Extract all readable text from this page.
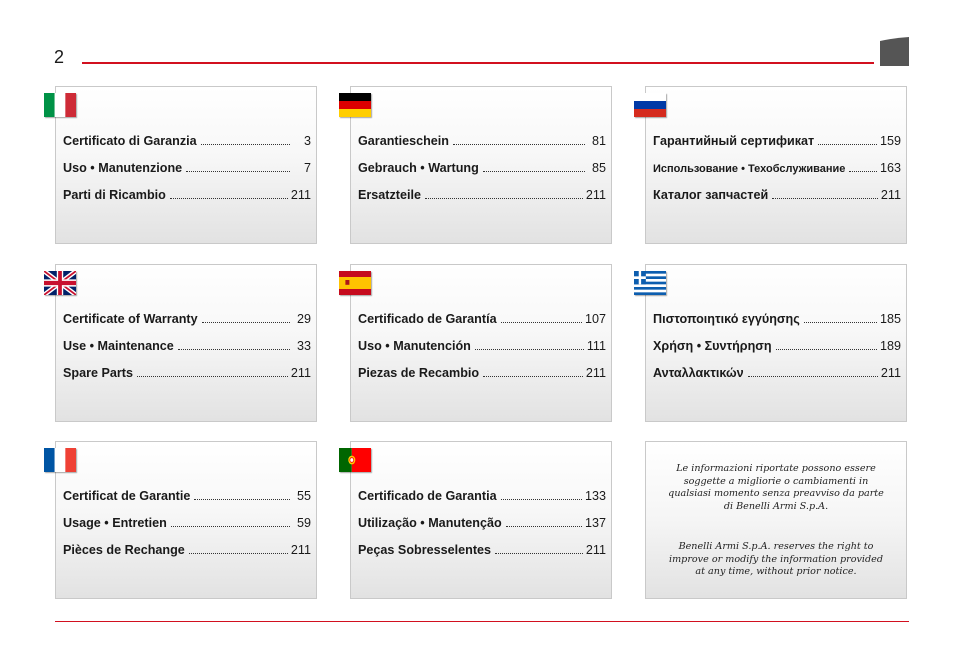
2
Certificato di Garanzia	3
Uso • Manutenzione	7
Parti di Ricambio	211
Garantieschein	81
Gebrauch • Wartung	85
Ersatzteile	211
Гарантийный сертификат	159
Использование • Техобслуживание	163
Каталог запчастей	211
Certificate of Warranty	29
Use • Maintenance	33
Spare Parts	211
Certificado de Garantía	107
Uso • Manutención	111
Piezas de Recambio	211
Πιστοποιητικό εγγύησης	185
Χρήση • Συντήρηση	189
Ανταλλακτικών	211
Certificat de Garantie	55
Usage • Entretien	59
Pièces de Rechange	211
Certificado de Garantia	133
Utilização • Manutenção	137
Peças Sobresselentes	211

Le informazioni riportate possono essere soggette a migliorie o cambiamenti in qualsiasi momento senza preavviso da parte di Benelli Armi S.p.A.

Benelli Armi S.p.A. reserves the right to improve or modify the information provided at any time, without prior notice.
